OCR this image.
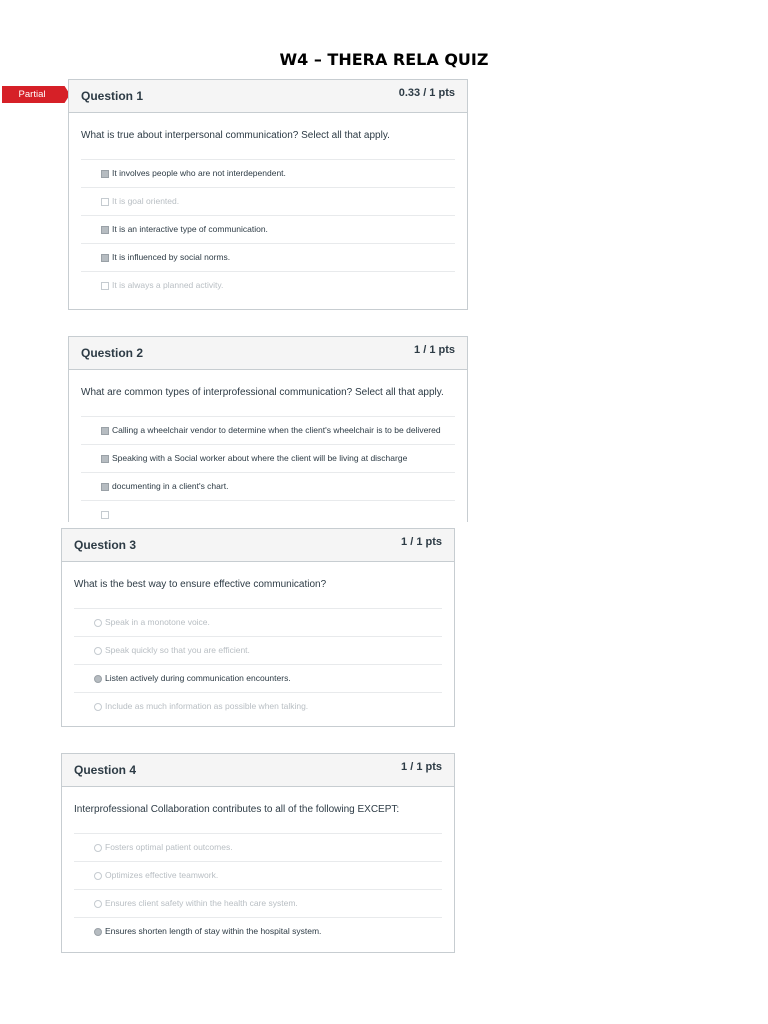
W4 – THERA RELA QUIZ
Partial	Question 1	0.33 / 1 pts
What is true about interpersonal communication? Select all that apply.
It involves people who are not interdependent.
It is goal oriented.
It is an interactive type of communication.
It is influenced by social norms.
It is always a planned activity.
Question 2	1 / 1 pts
What are common types of interprofessional communication? Select all that apply.
Calling a wheelchair vendor to determine when the client's wheelchair is to be delivered
Speaking with a Social worker about where the client will be living at discharge
documenting in a client's chart.
Question 3	1 / 1 pts
What is the best way to ensure effective communication?
Speak in a monotone voice.
Speak quickly so that you are efficient.
Listen actively during communication encounters.
Include as much information as possible when talking.
Question 4	1 / 1 pts
Interprofessional Collaboration contributes to all of the following EXCEPT:
Fosters optimal patient outcomes.
Optimizes effective teamwork.
Ensures client safety within the health care system.
Ensures shorten length of stay within the hospital system.
